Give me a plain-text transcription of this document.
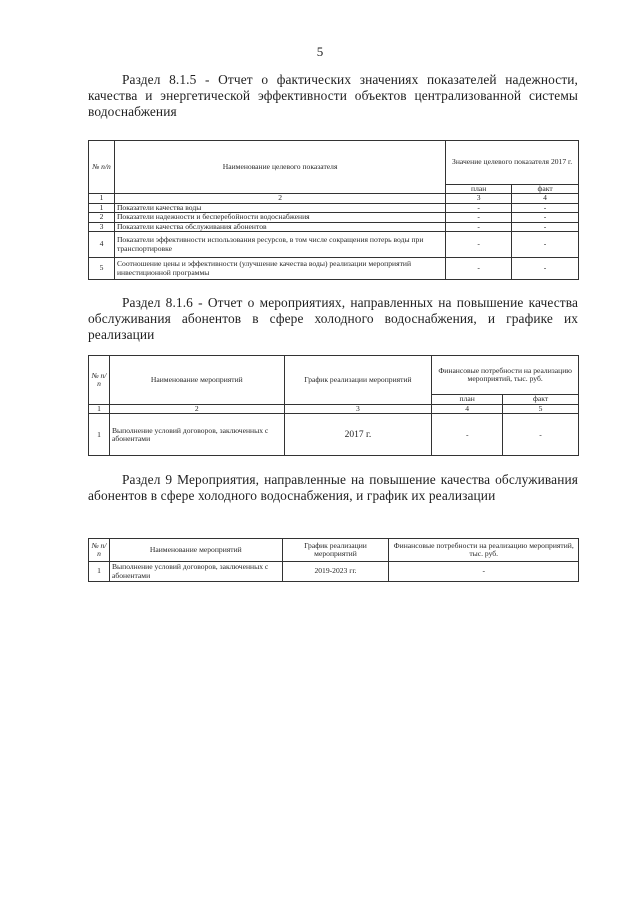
5
Раздел 8.1.5 - Отчет о фактических значениях показателей надежности, качества и энергетической эффективности объектов централизованной системы водоснабжения
№ п/п	Наименование целевого показателя	Значение целевого показателя 2017 г.	
		план	факт
1	2	3	4
1	Показатели качества воды	-	-
2	Показатели надежности и бесперебойности водоснабжения	-	-
3	Показатели качества обслуживания абонентов	-	-
4	Показатели эффективности использования ресурсов, в том числе сокращения потерь воды при транспортировке	-	-
5	Соотношение цены и эффективности (улучшение качества воды) реализации мероприятий инвестиционной программы	-	-
Раздел 8.1.6 - Отчет о мероприятиях, направленных на повышение качества обслуживания абонентов в сфере холодного водоснабжения, и графике их реализации
№ п/п	Наименование мероприятий	График реализации мероприятий	Финансовые потребности на реализацию мероприятий, тыс. руб.	
			план	факт
1	2	3	4	5
1	Выполнение условий договоров, заключенных с абонентами	2017 г.	-	-
Раздел 9 Мероприятия, направленные на повышение качества обслуживания абонентов в сфере холодного водоснабжения, и график их реализации
№ п/п	Наименование мероприятий	График реализации мероприятий	Финансовые потребности на реализацию мероприятий, тыс. руб.
1	Выполнение условий договоров, заключенных с абонентами	2019-2023 гг.	-
